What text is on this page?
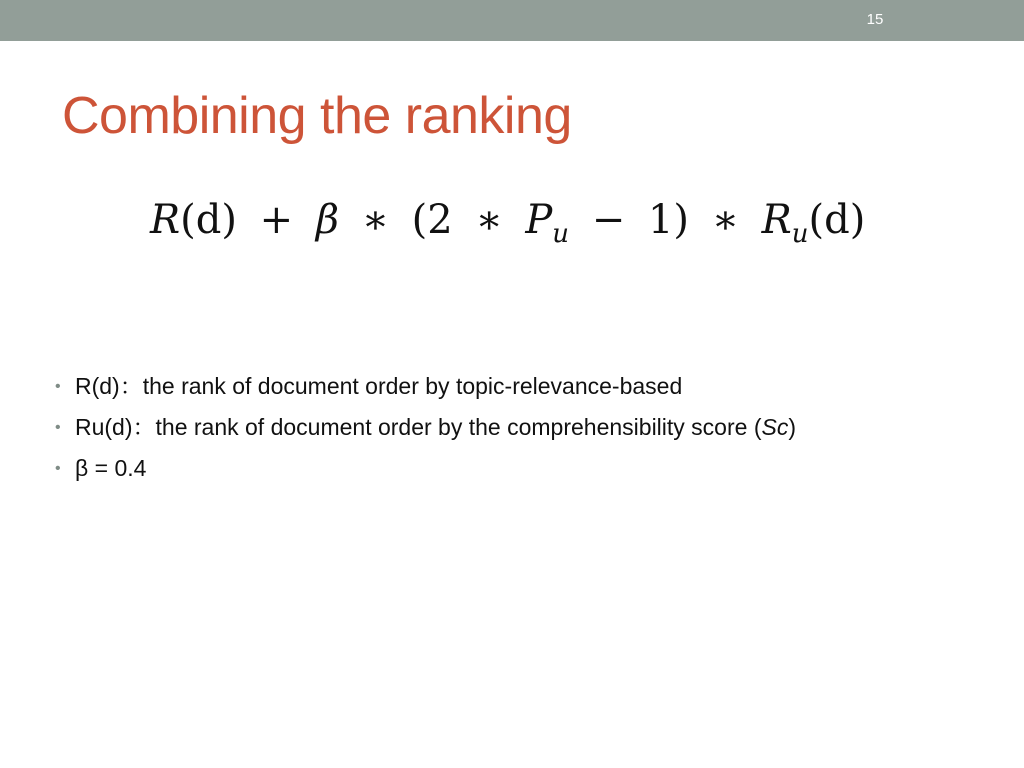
15
Combining the ranking
R(d) + β ∗ (2 ∗ $P_u - 1$) ∗ $R_u(d)$
• R(d)：the rank of document order by topic-relevance-based
• Ru(d)：the rank of document order by the comprehensibility score (Sc)
• β = 0.4
